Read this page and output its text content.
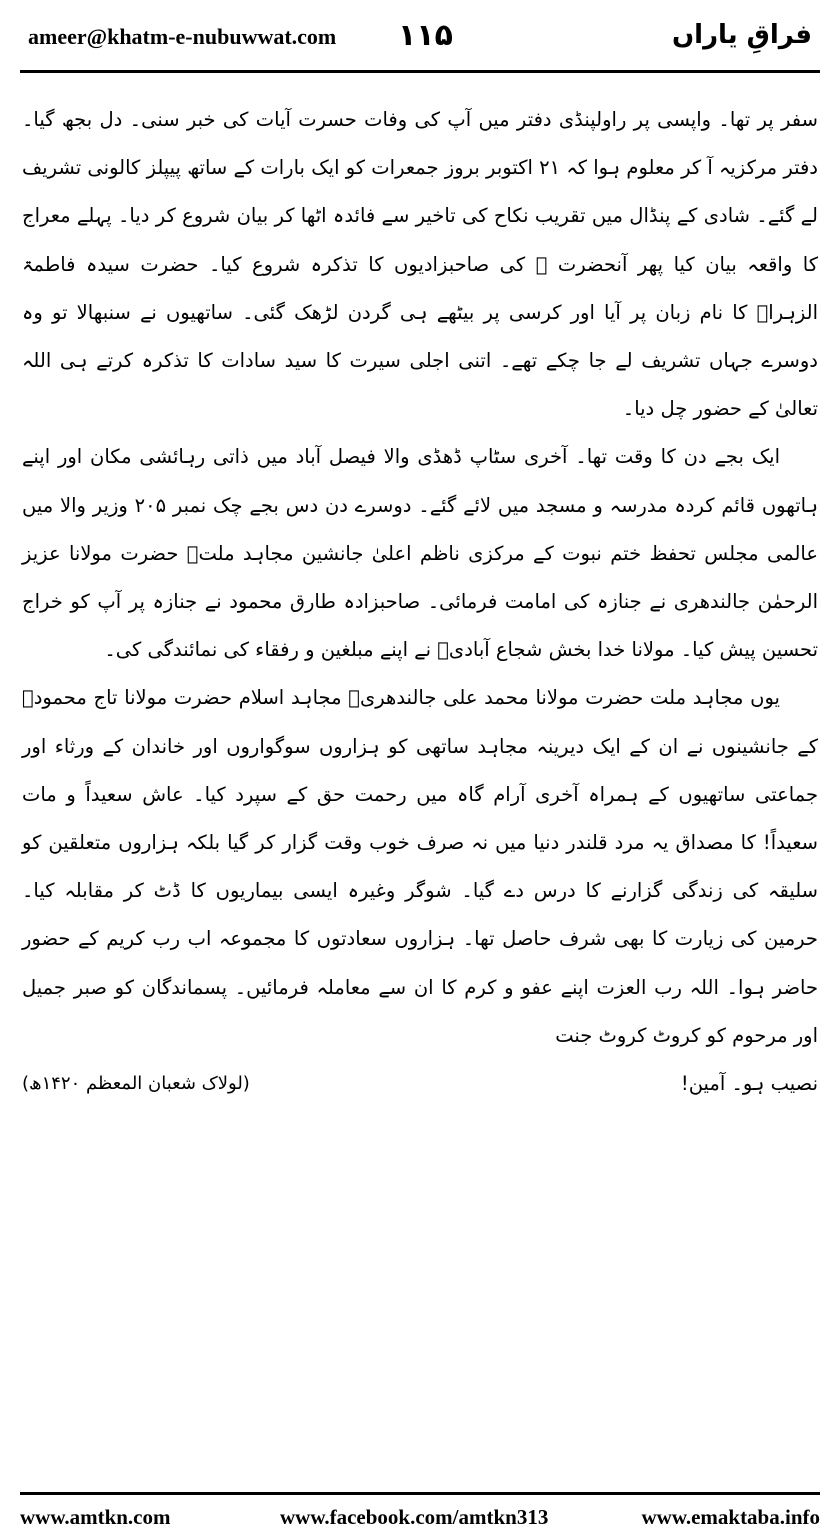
ameer@khatm-e-nubuwwat.com ۱۱۵	فراقِ یاراں

سفر پر تھا۔ واپسی پر راولپنڈی دفتر میں آپ کی وفات حسرت آیات کی خبر سنی۔ دل بجھ گیا۔ دفتر مرکزیہ آ کر معلوم ہوا کہ ۲۱ اکتوبر بروز جمعرات کو ایک بارات کے ساتھ پیپلز کالونی تشریف لے گئے۔ شادی کے پنڈال میں تقریب نکاح کی تاخیر سے فائدہ اٹھا کر بیان شروع کر دیا۔ پہلے معراج کا واقعہ بیان کیا پھر آنحضرت ﷺ کی صاحبزادیوں کا تذکرہ شروع کیا۔ حضرت سیدہ فاطمۃ الزہراؓ کا نام زبان پر آیا اور کرسی پر بیٹھے ہی گردن لڑھک گئی۔ ساتھیوں نے سنبھالا تو وہ دوسرے جہاں تشریف لے جا چکے تھے۔ اتنی اجلی سیرت کا سید سادات کا تذکرہ کرتے ہی اللہ تعالیٰ کے حضور چل دیا۔

ایک بجے دن کا وقت تھا۔ آخری سٹاپ ڈھڈی والا فیصل آباد میں ذاتی رہائشی مکان اور اپنے ہاتھوں قائم کردہ مدرسہ و مسجد میں لائے گئے۔ دوسرے دن دس بجے چک نمبر ۲۰۵ وزیر والا میں عالمی مجلس تحفظ ختم نبوت کے مرکزی ناظم اعلیٰ جانشین مجاہد ملتؒ حضرت مولانا عزیز الرحمٰن جالندھری نے جنازہ کی امامت فرمائی۔ صاحبزادہ طارق محمود نے جنازہ پر آپ کو خراج تحسین پیش کیا۔ مولانا خدا بخش شجاع آبادیؒ نے اپنے مبلغین و رفقاء کی نمائندگی کی۔

یوں مجاہد ملت حضرت مولانا محمد علی جالندھریؒ مجاہد اسلام حضرت مولانا تاج محمودؒ کے جانشینوں نے ان کے ایک دیرینہ مجاہد ساتھی کو ہزاروں سوگواروں اور خاندان کے ورثاء اور جماعتی ساتھیوں کے ہمراہ آخری آرام گاہ میں رحمت حق کے سپرد کیا۔ عاش سعیداً و مات سعیداً! کا مصداق یہ مرد قلندر دنیا میں نہ صرف خوب وقت گزار کر گیا بلکہ ہزاروں متعلقین کو سلیقہ کی زندگی گزارنے کا درس دے گیا۔ شوگر وغیرہ ایسی بیماریوں کا ڈٹ کر مقابلہ کیا۔ حرمین کی زیارت کا بھی شرف حاصل تھا۔ ہزاروں سعادتوں کا مجموعہ اب رب کریم کے حضور حاضر ہوا۔ اللہ رب العزت اپنے عفو و کرم کا ان سے معاملہ فرمائیں۔ پسماندگان کو صبر جمیل اور مرحوم کو کروٹ کروٹ جنت

نصیب ہو۔ آمین!
(لولاک شعبان المعظم ۱۴۲۰ھ)
www.amtkn.com	www.facebook.com/amtkn313	www.emaktaba.info
